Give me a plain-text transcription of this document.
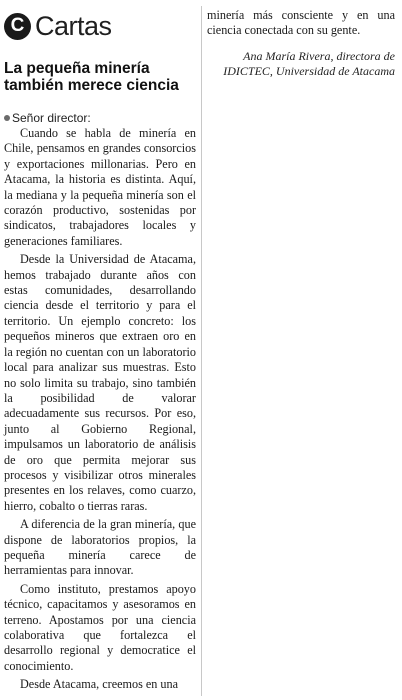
C Cartas
La pequeña minería también merece ciencia
Señor director:

Cuando se habla de minería en Chile, pensamos en grandes consorcios y exportaciones millonarias. Pero en Atacama, la historia es distinta. Aquí, la mediana y la pequeña minería son el corazón productivo, sostenidas por sindicatos, trabajadores locales y generaciones familiares.

Desde la Universidad de Atacama, hemos trabajado durante años con estas comunidades, desarrollando ciencia desde el territorio y para el territorio. Un ejemplo concreto: los pequeños mineros que extraen oro en la región no cuentan con un laboratorio local para analizar sus muestras. Esto no solo limita su trabajo, sino también la posibilidad de valorar adecuadamente sus recursos. Por eso, junto al Gobierno Regional, impulsamos un laboratorio de análisis de oro que permita mejorar sus procesos y visibilizar otros minerales presentes en los relaves, como cuarzo, hierro, cobalto o tierras raras.

A diferencia de la gran minería, que dispone de laboratorios propios, la pequeña minería carece de herramientas para innovar.

Como instituto, prestamos apoyo técnico, capacitamos y asesoramos en terreno. Apostamos por una ciencia colaborativa que fortalezca el desarrollo regional y democratice el conocimiento.

Desde Atacama, creemos en una

minería más consciente y en una ciencia conectada con su gente.

Ana María Rivera, directora de
IDICTEC, Universidad de Atacama
